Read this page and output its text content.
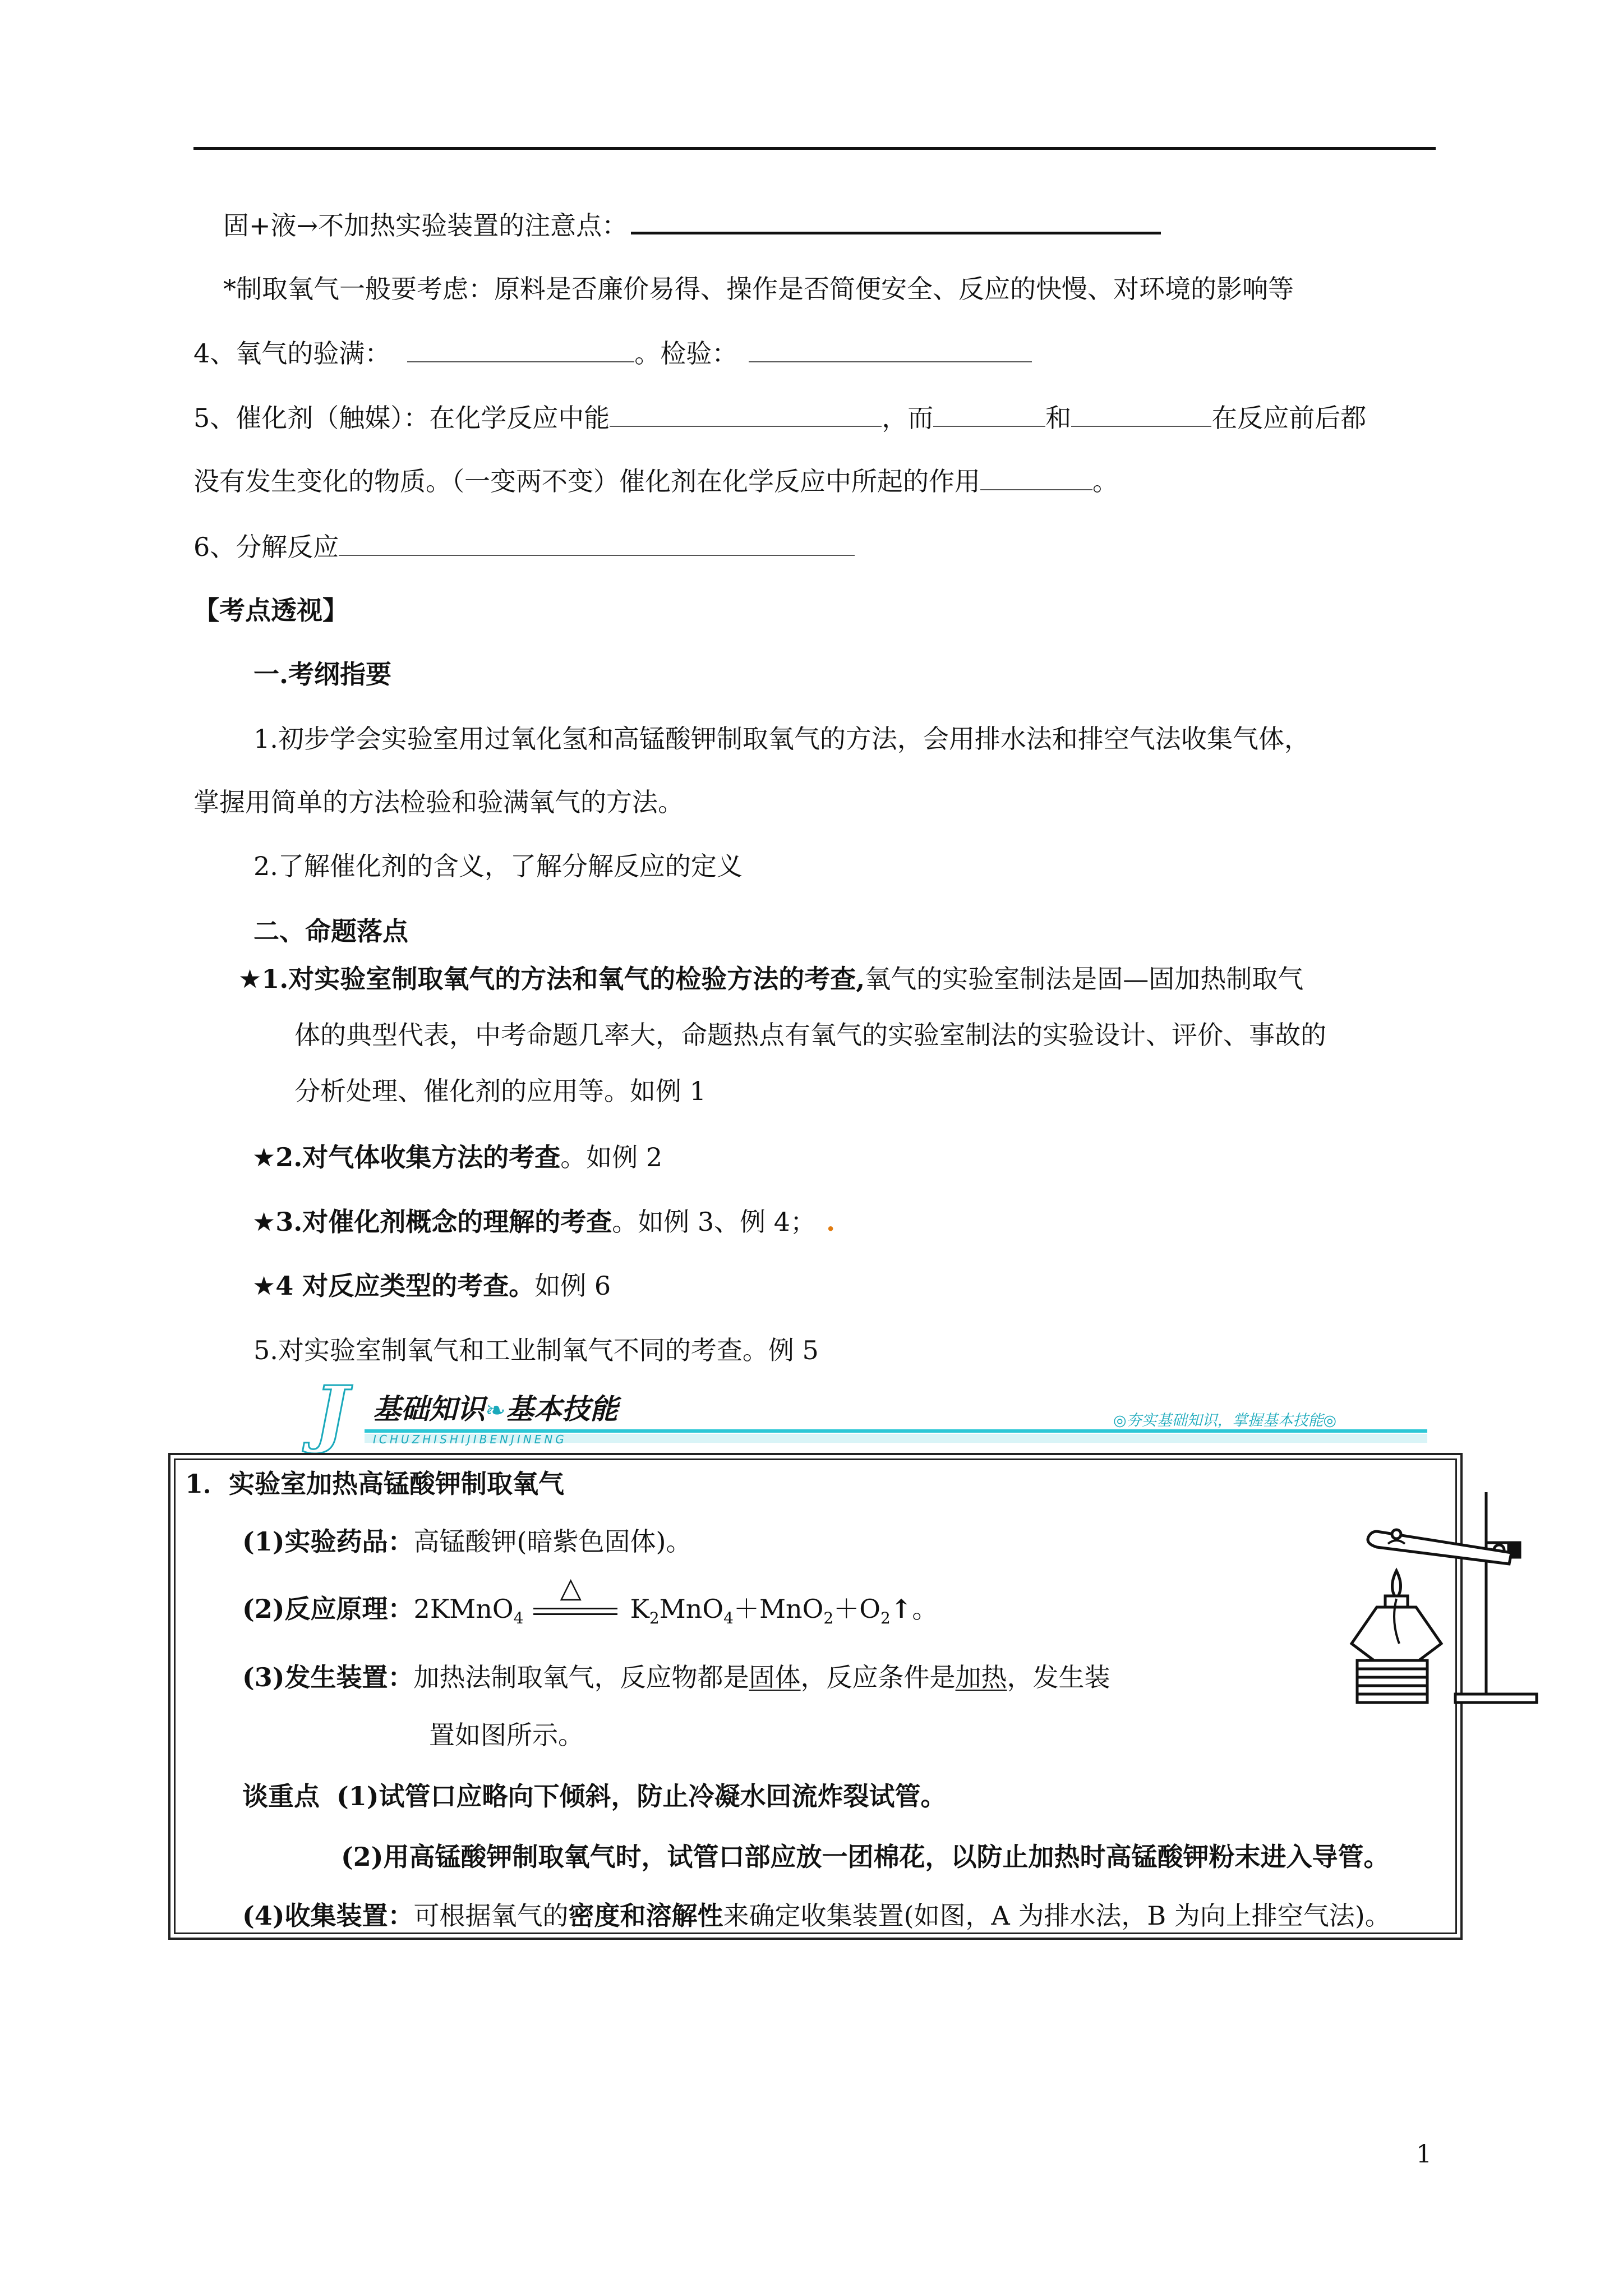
固+液→不加热实验装置的注意点：
*制取氧气一般要考虑：原料是否廉价易得、操作是否简便安全、反应的快慢、对环境的影响等
4、氧气的验满：	。检验：
5、催化剂（触媒）：在化学反应中能	，而	和	在反应前后都
没有发生变化的物质。（一变两不变）催化剂在化学反应中所起的作用	。
6、分解反应
【考点透视】
一.考纲指要
1.初步学会实验室用过氧化氢和高锰酸钾制取氧气的方法，会用排水法和排空气法收集气体，
掌握用简单的方法检验和验满氧气的方法。
2.了解催化剂的含义，了解分解反应的定义
二、命题落点
★1.对实验室制取氧气的方法和氧气的检验方法的考查,氧气的实验室制法是固—固加热制取气
体的典型代表，中考命题几率大，命题热点有氧气的实验室制法的实验设计、评价、事故的
分析处理、催化剂的应用等。如例 1
★2.对气体收集方法的考查。如例 2
★3.对催化剂概念的理解的考查。如例 3、例 4； .
★4 对反应类型的考查。如例 6
5.对实验室制氧气和工业制氧气不同的考查。例 5
J 基础知识❧基本技能
ICHUZHISHIJIBENJINENG
◎夯实基础知识，掌握基本技能◎
1．实验室加热高锰酸钾制取氧气
(1)实验药品：高锰酸钾(暗紫色固体)。
(2)反应原理：2KMnO$_4$
△
$K_2MnO_4+MnO_2+O_2↑$。
(3)发生装置：加热法制取氧气，反应物都是固体，反应条件是加热，发生装
置如图所示。
谈重点 (1)试管口应略向下倾斜，防止冷凝水回流炸裂试管。
(2)用高锰酸钾制取氧气时，试管口部应放一团棉花，以防止加热时高锰酸钾粉末进入导管。
(4)收集装置：可根据氧气的密度和溶解性来确定收集装置(如图，A 为排水法，B 为向上排空气法)。
1
